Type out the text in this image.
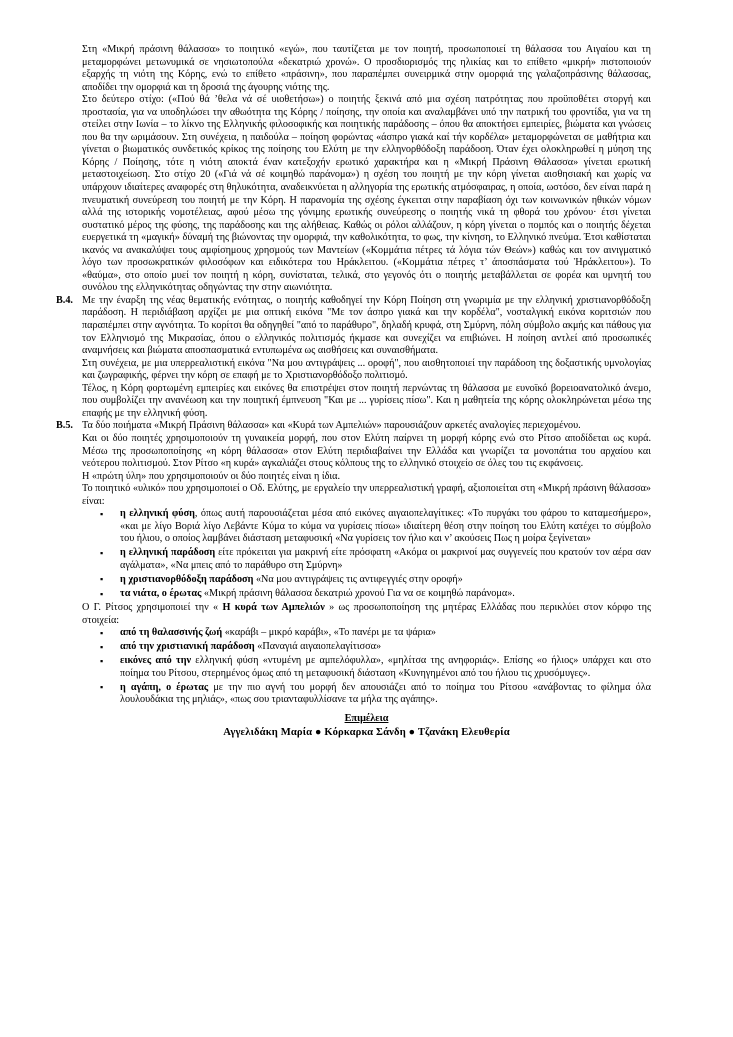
Στη «Μικρή πράσινη θάλασσα» το ποιητικό «εγώ», που ταυτίζεται με τον ποιητή, προσωποποιεί τη θάλασσα του Αιγαίου και τη μεταμορφώνει μετωνυμικά σε νησιωτοπούλα «δεκατριώ χρονώ». Ο προσδιορισμός της ηλικίας και το επίθετο «μικρή» πιστοποιούν εξαρχής τη νιότη της Κόρης, ενώ το επίθετο «πράσινη», που παραπέμπει συνειρμικά στην ομορφιά της γαλαζοπράσινης θάλασσας, αποδίδει την ομορφιά και τη δροσιά της άγουρης νιότης της.
Στο δεύτερο στίχο: («Πού θά ’θελα νά σέ υιοθετήσω») ο ποιητής ξεκινά από μια σχέση πατρότητας που προϋποθέτει στοργή και προστασία, για να υποδηλώσει την αθωότητα της Κόρης / ποίησης, την οποία και αναλαμβάνει υπό την πατρική του φροντίδα, για να τη στείλει στην Ιωνία – το λίκνο της Ελληνικής φιλοσοφικής και ποιητικής παράδοσης – όπου θα αποκτήσει εμπειρίες, βιώματα και γνώσεις που θα την ωριμάσουν. Στη συνέχεια, η παιδούλα – ποίηση φορώντας «άσπρο γιακά καί τήν κορδέλα» μεταμορφώνεται σε μαθήτρια και γίνεται ο βιωματικός συνδετικός κρίκος της ποίησης του Ελύτη με την ελληνορθόδοξη παράδοση. Όταν έχει ολοκληρωθεί η μύηση της Κόρης / Ποίησης, τότε η νιότη αποκτά έναν κατεξοχήν ερωτικό χαρακτήρα και η «Μικρή Πράσινη Θάλασσα» γίνεται ερωτική μεταστοιχείωση. Στο στίχο 20 («Γιά νά σέ κοιμηθώ παράνομα») η σχέση του ποιητή με την κόρη γίνεται αισθησιακή και χωρίς να υπάρχουν ιδιαίτερες αναφορές στη θηλυκότητα, αναδεικνύεται η αλληγορία της ερωτικής ατμόσφαιρας, η οποία, ωστόσο, δεν είναι παρά η πνευματική συνεύρεση του ποιητή με την Κόρη. Η παρανομία της σχέσης έγκειται στην παραβίαση όχι των κοινωνικών ηθικών νόμων αλλά της ιστορικής νομοτέλειας, αφού μέσω της γόνιμης ερωτικής συνεύρεσης ο ποιητής νικά τη φθορά του χρόνου· έτσι γίνεται συστατικό μέρος της φύσης, της παράδοσης και της αλήθειας. Καθώς οι ρόλοι αλλάζουν, η κόρη γίνεται ο πομπός και ο ποιητής δέχεται ευεργετικά τη «μαγική» δύναμή της βιώνοντας την ομορφιά, την καθολικότητα, το φως, την κίνηση, το Ελληνικό πνεύμα. Έτσι καθίσταται ικανός να ανακαλύψει τους αμφίσημους χρησμούς των Μαντείων («Κομμάτια πέτρες τά λόγια τών Θεών») καθώς και τον αινιγματικό λόγο των προσωκρατικών φιλοσόφων και ειδικότερα του Ηράκλειτου. («Κομμάτια πέτρες τ’ άποσπάσματα τού Ἡράκλειτου»). Το «θαύμα», στο οποίο μυεί τον ποιητή η κόρη, συνίσταται, τελικά, στο γεγονός ότι ο ποιητής μεταβάλλεται σε φορέα και υμνητή του συνόλου της ελληνικότητας οδηγώντας την στην αιωνιότητα.
B.4. Με την έναρξη της νέας θεματικής ενότητας, ο ποιητής καθοδηγεί την Κόρη Ποίηση στη γνωριμία με την ελληνική χριστιανορθόδοξη παράδοση. Η περιδιάβαση αρχίζει με μια οπτική εικόνα "Με τον άσπρο γιακά και την κορδέλα", νοσταλγική εικόνα κοριτσιών που παραπέμπει στην αγνότητα. Το κορίτσι θα οδηγηθεί "από το παράθυρο", δηλαδή κρυφά, στη Σμύρνη, πόλη σύμβολο ακμής και πάθους για τον Ελληνισμό της Μικρασίας, όπου ο ελληνικός πολιτισμός ήκμασε και συνεχίζει να επιβιώνει. Η ποίηση αντλεί από προσωπικές αναμνήσεις και βιώματα αποσπασματικά εντυπωμένα ως αισθήσεις και συναισθήματα.
Στη συνέχεια, με μια υπερρεαλιστική εικόνα "Να μου αντιγράψεις ... οροφή", που αισθητοποιεί την παράδοση της δοξαστικής υμνολογίας και ζωγραφικής, φέρνει την κόρη σε επαφή με το Χριστιανορθόδοξο πολιτισμό.
Τέλος, η Κόρη φορτωμένη εμπειρίες και εικόνες θα επιστρέψει στον ποιητή περνώντας τη θάλασσα με ευνοϊκό βορειοανατολικό άνεμο, που συμβολίζει την ανανέωση και την ποιητική έμπνευση "Και με ... γυρίσεις πίσω". Και η μαθητεία της κόρης ολοκληρώνεται μέσω της επαφής με την ελληνική φύση.
B.5. Τα δύο ποιήματα «Μικρή Πράσινη θάλασσα» και «Κυρά των Αμπελιών» παρουσιάζουν αρκετές αναλογίες περιεχομένου.
Και οι δύο ποιητές χρησιμοποιούν τη γυναικεία μορφή, που στον Ελύτη παίρνει τη μορφή κόρης ενώ στο Ρίτσο αποδίδεται ως κυρά. Μέσω της προσωποποίησης «η κόρη θάλασσα» στον Ελύτη περιδιαβαίνει την Ελλάδα και γνωρίζει τα μονοπάτια του αρχαίου και νεότερου πολιτισμού. Στον Ρίτσο «η κυρά» αγκαλιάζει στους κόλπους της το ελληνικό στοιχείο σε όλες του τις εκφάνσεις.
Η «πρώτη ύλη» που χρησιμοποιούν οι δύο ποιητές είναι η ίδια.
Το ποιητικό «υλικό» που χρησιμοποιεί ο Οδ. Ελύτης, με εργαλείο την υπερρεαλιστική γραφή, αξιοποιείται στη «Μικρή πράσινη θάλασσα» είναι:
▪ η ελληνική φύση, όπως αυτή παρουσιάζεται μέσα από εικόνες αιγαιοπελαγίτικες: «Το πυργάκι του φάρου το καταμεσήμερο», «και με λίγο Βοριά λίγο Λεβάντε Κύμα το κύμα να γυρίσεις πίσω» ιδιαίτερη θέση στην ποίηση του Ελύτη κατέχει το σύμβολο του ήλιου, ο οποίος λαμβάνει διάσταση μεταφυσική «Να γυρίσεις τον ήλιο και ν’ ακούσεις Πως η μοίρα ξεγίνεται»
▪ η ελληνική παράδοση είτε πρόκειται για μακρινή είτε πρόσφατη «Ακόμα οι μακρινοί μας συγγενείς που κρατούν τον αέρα σαν αγάλματα», «Να μπεις από το παράθυρο στη Σμύρνη»
▪ η χριστιανορθόδοξη παράδοση «Να μου αντιγράψεις τις αντιφεγγιές στην οροφή»
▪ τα νιάτα, ο έρωτας «Μικρή πράσινη θάλασσα δεκατριώ χρονού Για να σε κοιμηθώ παράνομα».
Ο Γ. Ρίτσος χρησιμοποιεί την « Η κυρά των Αμπελιών » ως προσωποποίηση της μητέρας Ελλάδας που περικλύει στον κόρφο της στοιχεία:
▪ από τη θαλασσινής ζωή «καράβι – μικρό καράβι», «Το πανέρι με τα ψάρια»
▪ από την χριστιανική παράδοση «Παναγιά αιγαιοπελαγίτισσα»
▪ εικόνες από την ελληνική φύση «ντυμένη με αμπελόφυλλα», «μηλίτσα της ανηφοριάς». Επίσης «ο ήλιος» υπάρχει και στο ποίημα του Ρίτσου, στερημένος όμως από τη μεταφυσική διάσταση «Κυνηγημένοι από του ήλιου τις χρυσόμυγες».
▪ η αγάπη, ο έρωτας με την πιο αγνή του μορφή δεν απουσιάζει από το ποίημα του Ρίτσου «ανάβοντας το φίλημα όλα λουλουδάκια της μηλιάς», «πως σου τριανταφυλλίσανε τα μήλα της αγάπης».
Επιμέλεια
Αγγελιδάκη Μαρία ● Κόρκαρκα Σάνδη ● Τζανάκη Ελευθερία
